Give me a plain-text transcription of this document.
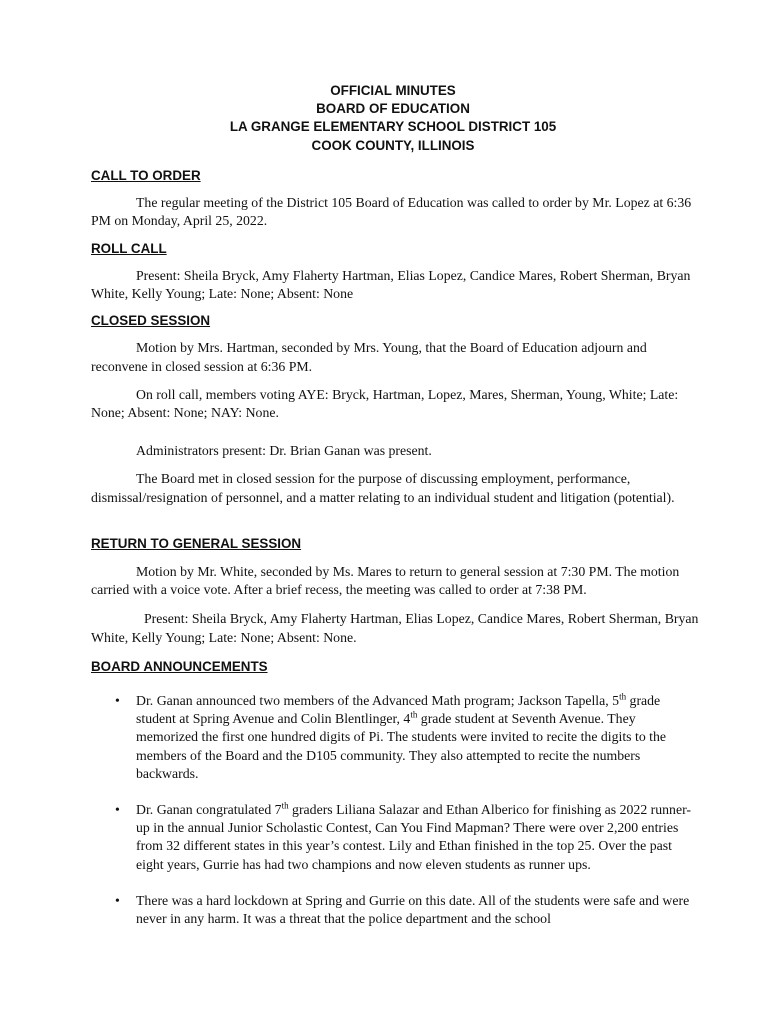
OFFICIAL MINUTES
BOARD OF EDUCATION
LA GRANGE ELEMENTARY SCHOOL DISTRICT 105
COOK COUNTY, ILLINOIS
CALL TO ORDER

The regular meeting of the District 105 Board of Education was called to order by Mr. Lopez at 6:36 PM on Monday, April 25, 2022.

ROLL CALL

Present: Sheila Bryck, Amy Flaherty Hartman, Elias Lopez, Candice Mares, Robert Sherman, Bryan White, Kelly Young; Late: None; Absent: None

CLOSED SESSION

Motion by Mrs. Hartman, seconded by Mrs. Young, that the Board of Education adjourn and reconvene in closed session at 6:36 PM.

On roll call, members voting AYE: Bryck, Hartman, Lopez, Mares, Sherman, Young, White; Late: None; Absent: None; NAY: None.

Administrators present: Dr. Brian Ganan was present.

The Board met in closed session for the purpose of discussing employment, performance, dismissal/resignation of personnel, and a matter relating to an individual student and litigation (potential).

RETURN TO GENERAL SESSION

Motion by Mr. White, seconded by Ms. Mares to return to general session at 7:30 PM. The motion carried with a voice vote. After a brief recess, the meeting was called to order at 7:38 PM.

Present: Sheila Bryck, Amy Flaherty Hartman, Elias Lopez, Candice Mares, Robert Sherman, Bryan White, Kelly Young; Late: None; Absent: None.

BOARD ANNOUNCEMENTS
• Dr. Ganan announced two members of the Advanced Math program; Jackson Tapella, 5th grade student at Spring Avenue and Colin Blentlinger, 4th grade student at Seventh Avenue. They memorized the first one hundred digits of Pi. The students were invited to recite the digits to the members of the Board and the D105 community. They also attempted to recite the numbers backwards.
• Dr. Ganan congratulated 7th graders Liliana Salazar and Ethan Alberico for finishing as 2022 runner-up in the annual Junior Scholastic Contest, Can You Find Mapman? There were over 2,200 entries from 32 different states in this year’s contest. Lily and Ethan finished in the top 25. Over the past eight years, Gurrie has had two champions and now eleven students as runner ups.
• There was a hard lockdown at Spring and Gurrie on this date. All of the students were safe and were never in any harm. It was a threat that the police department and the school
